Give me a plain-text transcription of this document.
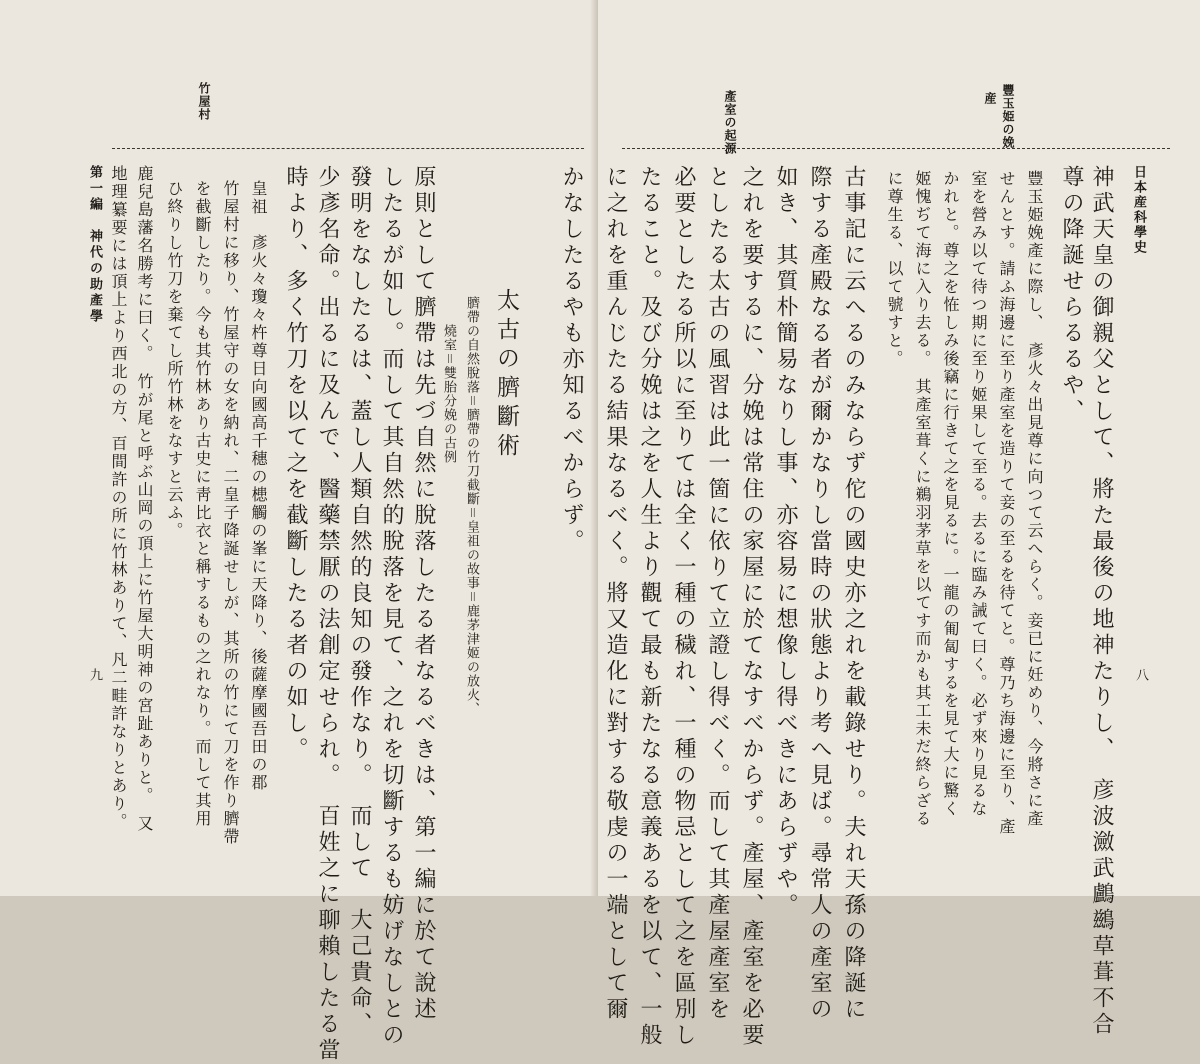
竹屋村
第一編　神代の助產學
九
かなしたるやも亦知るべからず。
太古の臍斷術
臍帶の自然脫落＝臍帶の竹刀截斷＝皇祖の故事＝鹿茅津姬の放火、
燒室＝雙胎分娩の古例
原則として臍帶は先づ自然に脫落したる者なるべきは、第一編に於て說述
したるが如し。而して其自然的脫落を見て、之れを切斷するも妨げなしとの
發明をなしたるは、蓋し人類自然的良知の發作なり。　而して　大己貴命、
少彥名命。出るに及んで、醫藥禁厭の法創定せられ。　百姓之に聊賴したる當
時より、多く竹刀を以て之を截斷したる者の如し。
皇祖　彥火々瓊々杵尊日向國高千穗の槵觸の峯に天降り、後薩摩國吾田の郡
竹屋村に移り、竹屋守の女を納れ、二皇子降誕せしが、其所の竹にて刀を作り臍帶
を截斷したり。今も其竹林あり古史に靑比衣と稱するもの之れなり。而して其用
ひ終りし竹刀を棄てし所竹林をなすと云ふ。
鹿兒島藩名勝考に曰く。　竹が尾と呼ぶ山岡の頂上に竹屋大明神の宮趾ありと。　又
地理纂要には頂上より西北の方、百間許の所に竹林ありて、凡二畦許なりとあり。	日本産科學史
八
豐玉姫の娩
産
產室の起源
神武天皇の御親父として、將た最後の地神たりし、　彦波瀲武鸕鷀草葺不合
尊の降誕せらるるや、
豐玉姫娩產に際し、　彥火々出見尊に向つて云へらく。妾已に妊めり、今將さに產
せんとす。請ふ海邊に至り產室を造りて妾の至るを待てと。尊乃ち海邊に至り、產
室を營み以て待つ期に至り姬果して至る。去るに臨み誡て曰く。必ず來り見るな
かれと。尊之を恠しみ後竊に行きて之を見るに。一龍の匍匐するを見て大に驚く
姬愧ぢて海に入り去る。　其產室葺くに鵜羽茅草を以てす而かも其工未だ終らざる
に尊生る、以て號すと。
古事記に云へるのみならず佗の國史亦之れを載錄せり。夫れ天孫の降誕に
際する產殿なる者が爾かなりし當時の狀態より考へ見ば。尋常人の產室の
如き、其質朴簡易なりし事、亦容易に想像し得べきにあらずや。
之れを要するに、分娩は常住の家屋に於てなすべからず。產屋、產室を必要
としたる太古の風習は此一箇に依りて立證し得べく。而して其產屋產室を
必要としたる所以に至りては全く一種の穢れ、一種の物忌として之を區別し
たること。及び分娩は之を人生より觀て最も新たなる意義あるを以て、一般
に之れを重んじたる結果なるべく。將又造化に對する敬虔の一端として爾
